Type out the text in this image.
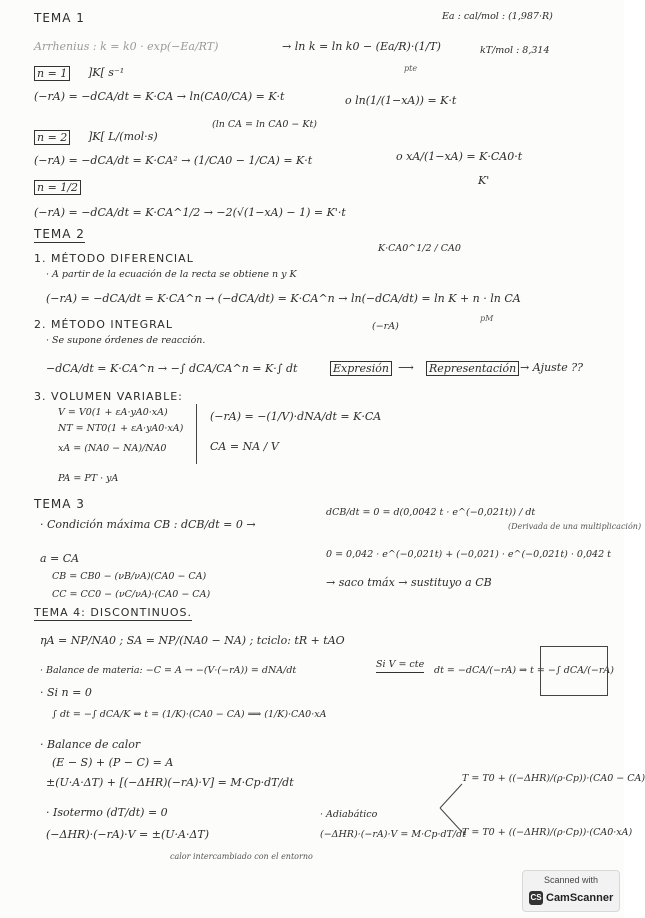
TEMA 1	Ea : cal/mol : (1,987·R)
Arrhenius : k = k0 · exp(−Ea/RT)	→ ln k = ln k0 − (Ea/R)·(1/T)	kT/mol : 8,314
pte
n = 1 ]K[ s⁻¹
(−rA) = −dCA/dt = K·CA → ln(CA0/CA) = K·t	o ln(1/(1−xA)) = K·t
(ln CA = ln CA0 − Kt)
n = 2 ]K[ L/(mol·s)
(−rA) = −dCA/dt = K·CA² → (1/CA0 − 1/CA) = K·t	o xA/(1−xA) = K·CA0·t
K'
n = 1/2
(−rA) = −dCA/dt = K·CA^1/2 → −2(√(1−xA) − 1) = K'·t
K·CA0^1/2 / CA0
TEMA 2
1. MÉTODO DIFERENCIAL
· A partir de la ecuación de la recta se obtiene n y K
(−rA) = −dCA/dt = K·CA^n → (−dCA/dt) = K·CA^n → ln(−dCA/dt) = ln K + n · ln CA
(−rA)
pM
2. MÉTODO INTEGRAL
· Se supone órdenes de reacción.
−dCA/dt = K·CA^n → −∫ dCA/CA^n = K·∫ dt	Expresión ⟶ Representación → Ajuste ??
3. VOLUMEN VARIABLE:
V = V0(1 + εA·yA0·xA)
NT = NT0(1 + εA·yA0·xA)
xA = (NA0 − NA)/NA0
PA = PT · yA
(−rA) = −(1/V)·dNA/dt = K·CA
CA = NA / V
TEMA 3
· Condición máxima CB : dCB/dt = 0 →
dCB/dt = 0 = d(0,0042 t · e^(−0,021t)) / dt
(Derivada de una multiplicación)
0 = 0,042 · e^(−0,021t) + (−0,021) · e^(−0,021t) · 0,042 t
a = CA
CB = CB0 − (νB/νA)(CA0 − CA)
CC = CC0 − (νC/νA)·(CA0 − CA)
→ saco tmáx → sustituyo a CB
TEMA 4: DISCONTINUOS.
ηA = NP/NA0 ; SA = NP/(NA0 − NA) ; tciclo: tR + tAO
· Balance de materia: −C = A → −(V·(−rA)) = dNA/dt
Si V = cte
dt = −dCA/(−rA) ⇒ t = −∫ dCA/(−rA)
· Si n = 0
∫ dt = −∫ dCA/K ⇒ t = (1/K)·(CA0 − CA) ⟹ (1/K)·CA0·xA
· Balance de calor
(E − S) + (P − C) = A
±(U·A·ΔT) + [(−ΔHR)(−rA)·V] = M·Cp·dT/dt
· Isotermo (dT/dt) = 0
(−ΔHR)·(−rA)·V = ±(U·A·ΔT)
calor intercambiado con el entorno
· Adiabático
(−ΔHR)·(−rA)·V = M·Cp·dT/dt
T = T0 + ((−ΔHR)/(ρ·Cp))·(CA0 − CA)
T = T0 + ((−ΔHR)/(ρ·Cp))·(CA0·xA)
Scanned with
CS CamScanner
